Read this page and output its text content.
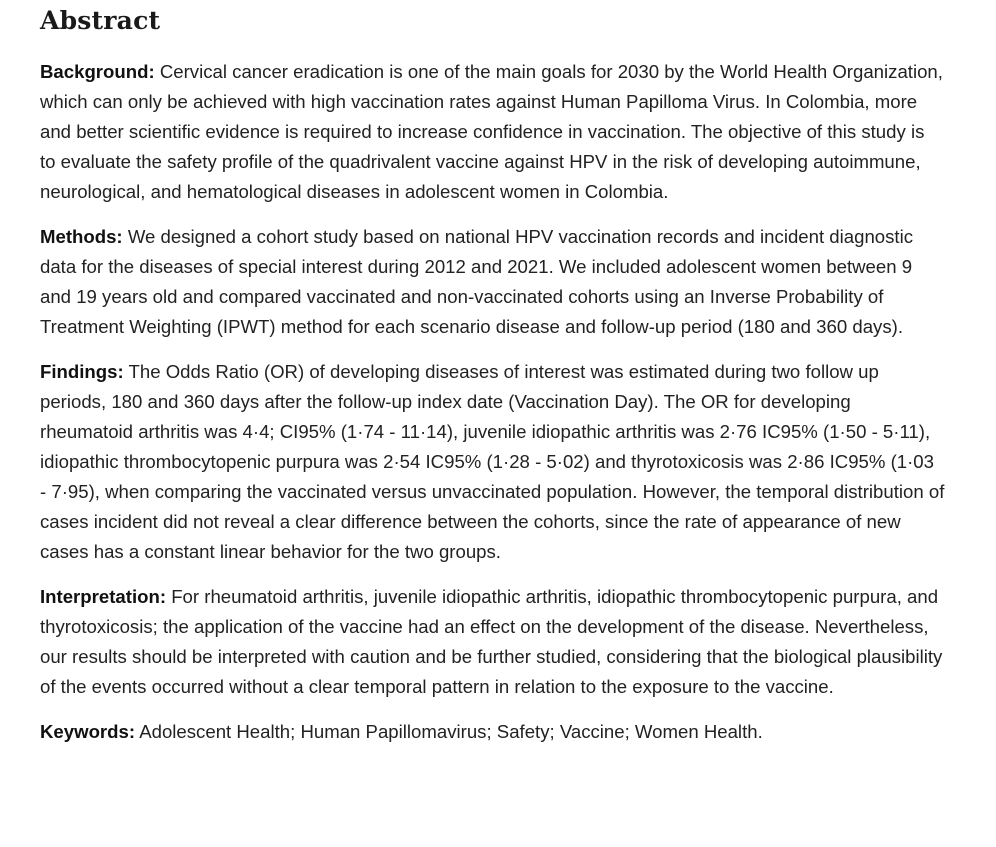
Abstract

Background: Cervical cancer eradication is one of the main goals for 2030 by the World Health Organization, which can only be achieved with high vaccination rates against Human Papilloma Virus. In Colombia, more and better scientific evidence is required to increase confidence in vaccination. The objective of this study is to evaluate the safety profile of the quadrivalent vaccine against HPV in the risk of developing autoimmune, neurological, and hematological diseases in adolescent women in Colombia.

Methods: We designed a cohort study based on national HPV vaccination records and incident diagnostic data for the diseases of special interest during 2012 and 2021. We included adolescent women between 9 and 19 years old and compared vaccinated and non-vaccinated cohorts using an Inverse Probability of Treatment Weighting (IPWT) method for each scenario disease and follow-up period (180 and 360 days).

Findings: The Odds Ratio (OR) of developing diseases of interest was estimated during two follow up periods, 180 and 360 days after the follow-up index date (Vaccination Day). The OR for developing rheumatoid arthritis was 4·4; CI95% (1·74 - 11·14), juvenile idiopathic arthritis was 2·76 IC95% (1·50 - 5·11), idiopathic thrombocytopenic purpura was 2·54 IC95% (1·28 - 5·02) and thyrotoxicosis was 2·86 IC95% (1·03 - 7·95), when comparing the vaccinated versus unvaccinated population. However, the temporal distribution of cases incident did not reveal a clear difference between the cohorts, since the rate of appearance of new cases has a constant linear behavior for the two groups.

Interpretation: For rheumatoid arthritis, juvenile idiopathic arthritis, idiopathic thrombocytopenic purpura, and thyrotoxicosis; the application of the vaccine had an effect on the development of the disease. Nevertheless, our results should be interpreted with caution and be further studied, considering that the biological plausibility of the events occurred without a clear temporal pattern in relation to the exposure to the vaccine.

Keywords: Adolescent Health; Human Papillomavirus; Safety; Vaccine; Women Health.
